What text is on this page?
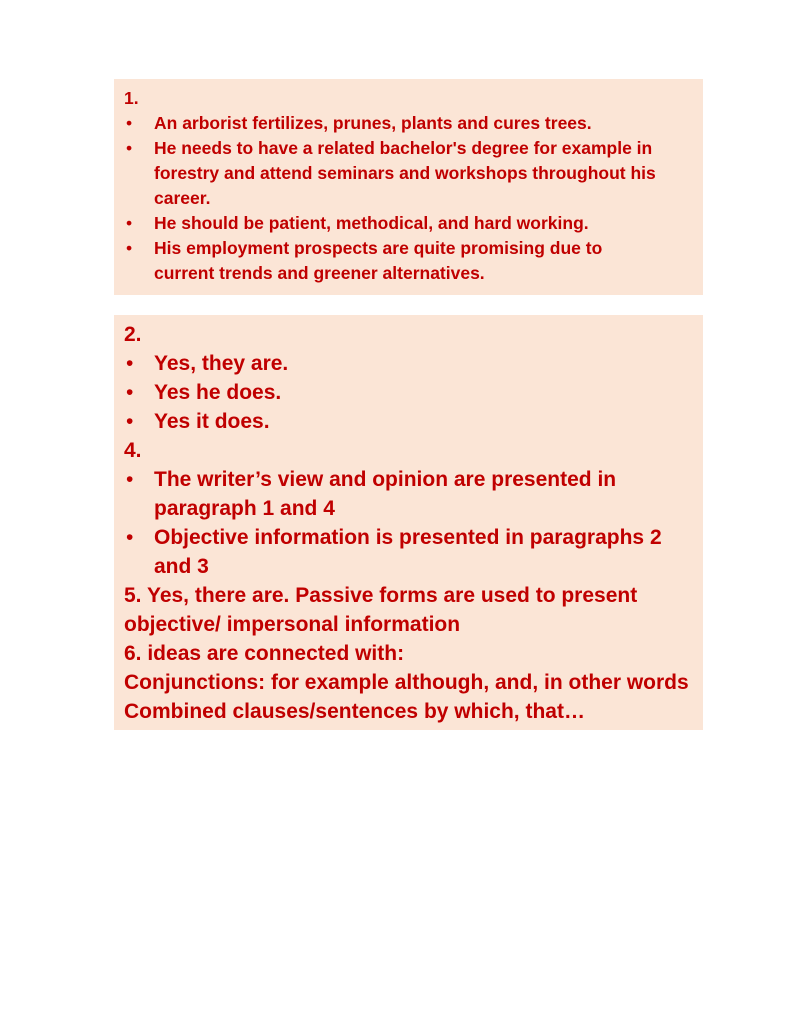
1.
• An arborist fertilizes, prunes, plants and cures trees.
• He needs to have a related bachelor's degree for example in
forestry and attend seminars and workshops throughout his
career.
• He should be patient, methodical, and hard working.
• His employment prospects are quite promising due to
current trends and greener alternatives.
2.
• Yes, they are.
• Yes he does.
• Yes it does.
4.
• The writer’s view and opinion are presented in
paragraph 1 and 4
• Objective information is presented in paragraphs 2
and 3
5. Yes, there are. Passive forms are used to present
objective/ impersonal information
6. ideas are connected with:
Conjunctions: for example although, and, in other words
Combined clauses/sentences by which, that…
